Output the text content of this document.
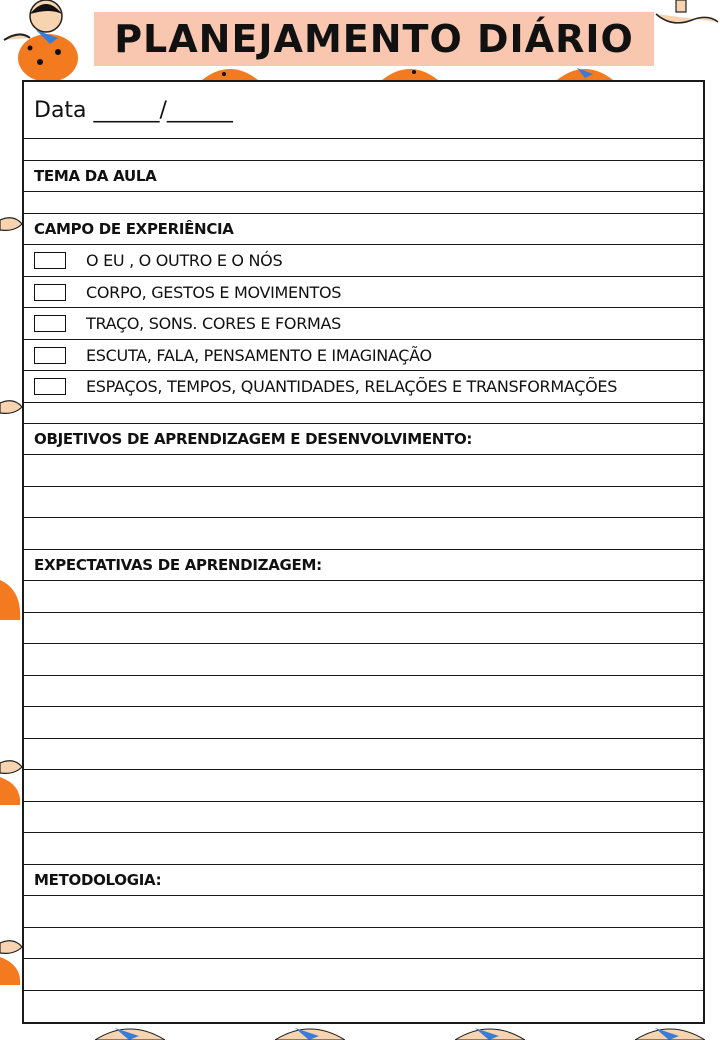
PLANEJAMENTO DIÁRIO
Data ______/______
TEMA DA AULA
CAMPO DE EXPERIÊNCIA
O EU , O OUTRO E O NÓS
CORPO, GESTOS E MOVIMENTOS
TRAÇO, SONS. CORES E FORMAS
ESCUTA, FALA, PENSAMENTO E IMAGINAÇÃO
ESPAÇOS, TEMPOS, QUANTIDADES, RELAÇÕES E TRANSFORMAÇÕES
OBJETIVOS DE APRENDIZAGEM E DESENVOLVIMENTO:
EXPECTATIVAS DE APRENDIZAGEM:
METODOLOGIA:
